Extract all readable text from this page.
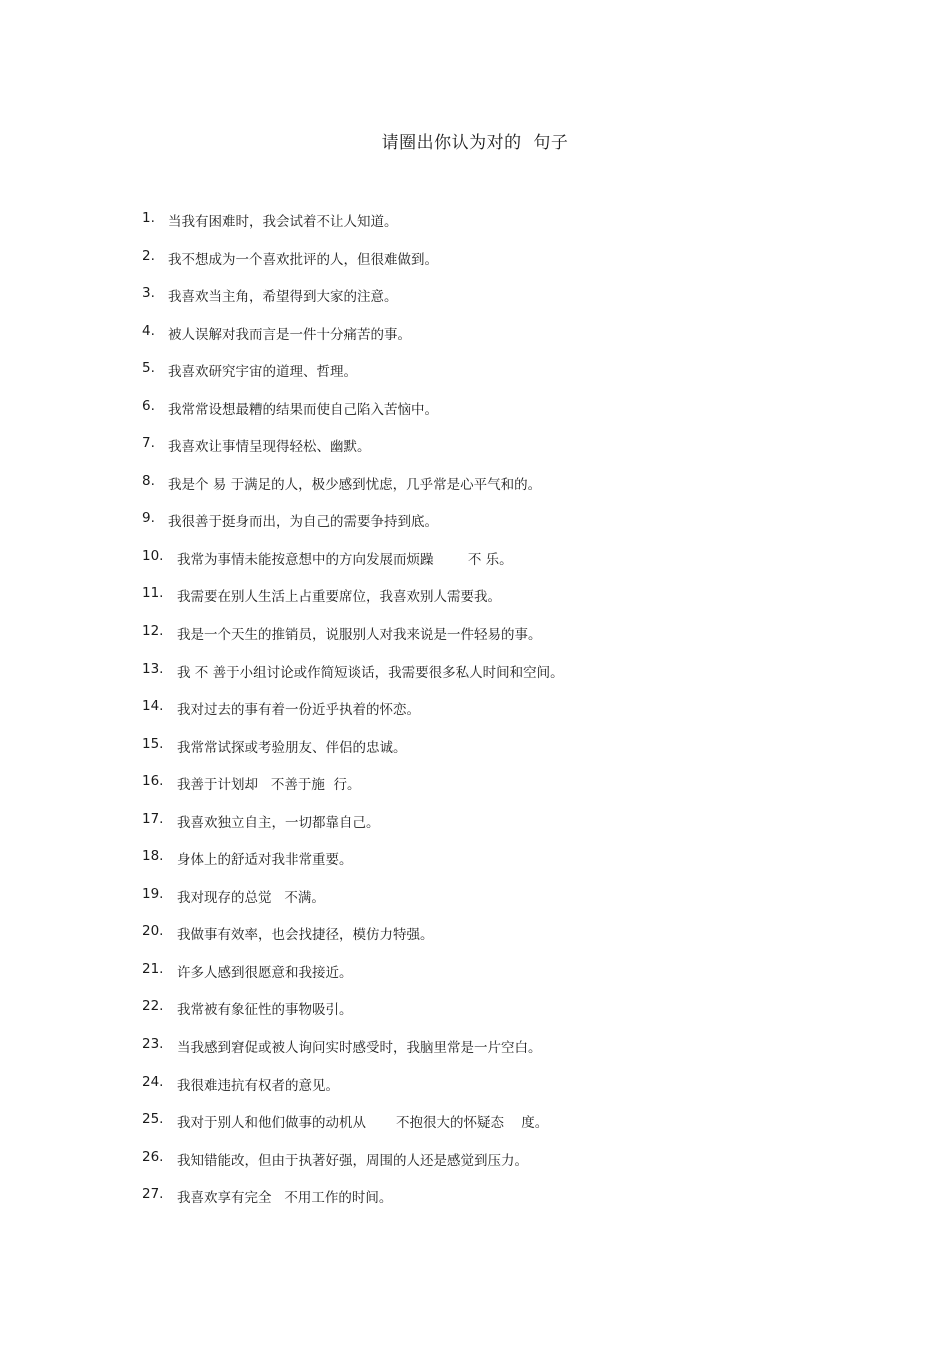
请圈出你认为对的  句子
1. 当我有困难时，我会试着不让人知道。
2. 我不想成为一个喜欢批评的人，但很难做到。
3. 我喜欢当主角，希望得到大家的注意。
4. 被人误解对我而言是一件十分痛苦的事。
5. 我喜欢研究宇宙的道理、哲理。
6. 我常常设想最糟的结果而使自己陷入苦恼中。
7. 我喜欢让事情呈现得轻松、幽默。
8. 我是个 易 于满足的人，极少感到忧虑，几乎常是心平气和的。
9. 我很善于挺身而出，为自己的需要争持到底。
10.	我常为事情未能按意想中的方向发展而烦躁        不 乐。
11.	我需要在别人生活上占重要席位，我喜欢别人需要我。
12.	我是一个天生的推销员，说服别人对我来说是一件轻易的事。
13.	我 不 善于小组讨论或作简短谈话，我需要很多私人时间和空间。
14.	我对过去的事有着一份近乎执着的怀恋。
15.	我常常试探或考验朋友、伴侣的忠诚。
16.	我善于计划却   不善于施  行。
17.	我喜欢独立自主，一切都靠自己。
18.	身体上的舒适对我非常重要。
19.	我对现存的总觉   不满。
20.	我做事有效率，也会找捷径，模仿力特强。
21.	许多人感到很愿意和我接近。
22.	我常被有象征性的事物吸引。
23.	当我感到窘促或被人询问实时感受时，我脑里常是一片空白。
24.	我很难违抗有权者的意见。
25.	我对于别人和他们做事的动机从       不抱很大的怀疑态    度。
26.	我知错能改，但由于执著好强，周围的人还是感觉到压力。
27.	我喜欢享有完全   不用工作的时间。
